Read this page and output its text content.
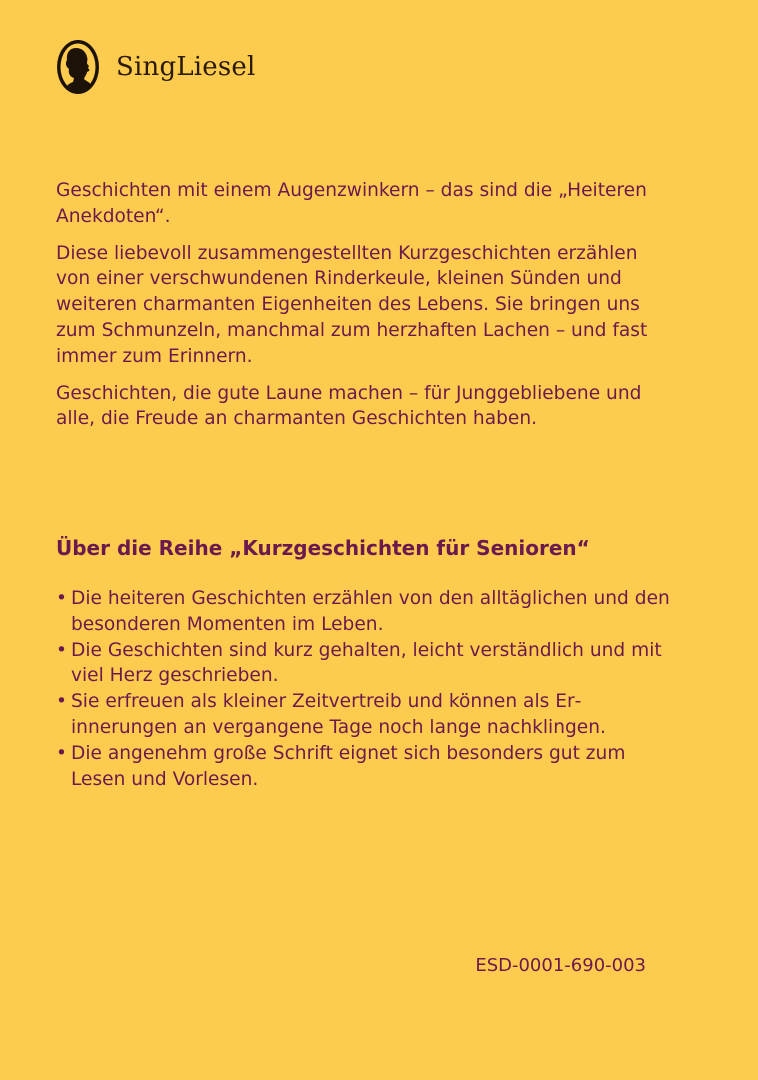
SingLiesel

Geschichten mit einem Augenzwinkern – das sind die „Heiteren Anekdoten“.

Diese liebevoll zusammengestellten Kurzgeschichten erzählen von einer verschwundenen Rinderkeule, kleinen Sünden und weiteren charmanten Eigenheiten des Lebens. Sie bringen uns zum Schmunzeln, manchmal zum herzhaften Lachen – und fast immer zum Erinnern.

Geschichten, die gute Laune machen – für Junggebliebene und alle, die Freude an charmanten Geschichten haben.

Über die Reihe „Kurzgeschichten für Senioren“
• Die heiteren Geschichten erzählen von den alltäglichen und den besonderen Momenten im Leben.
• Die Geschichten sind kurz gehalten, leicht verständlich und mit viel Herz geschrieben.
• Sie erfreuen als kleiner Zeitvertreib und können als Erinnerungen an vergangene Tage noch lange nachklingen.
• Die angenehm große Schrift eignet sich besonders gut zum Lesen und Vorlesen.
ESD-0001-690-003
